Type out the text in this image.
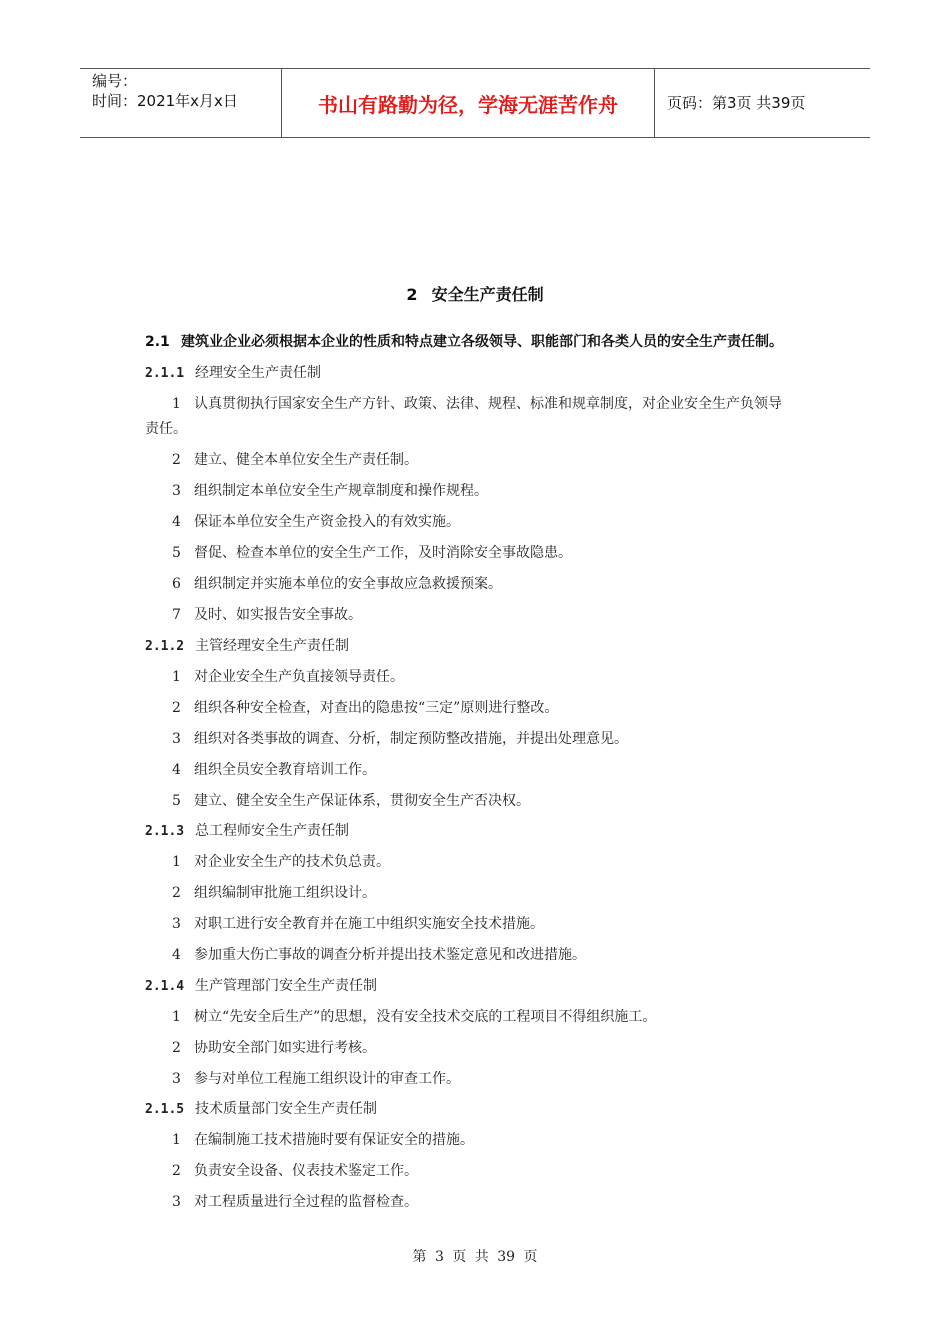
编号：
时间：2021年x月x日	书山有路勤为径，学海无涯苦作舟	页码：第3页 共39页
2 安全生产责任制
2.1 建筑业企业必须根据本企业的性质和特点建立各级领导、职能部门和各类人员的安全生产责任制。
2.1.1 经理安全生产责任制
1 认真贯彻执行国家安全生产方针、政策、法律、规程、标准和规章制度，对企业安全生产负领导
责任。
2 建立、健全本单位安全生产责任制。
3 组织制定本单位安全生产规章制度和操作规程。
4 保证本单位安全生产资金投入的有效实施。
5 督促、检查本单位的安全生产工作，及时消除安全事故隐患。
6 组织制定并实施本单位的安全事故应急救援预案。
7 及时、如实报告安全事故。
2.1.2 主管经理安全生产责任制
1 对企业安全生产负直接领导责任。
2 组织各种安全检查，对查出的隐患按“三定”原则进行整改。
3 组织对各类事故的调查、分析，制定预防整改措施，并提出处理意见。
4 组织全员安全教育培训工作。
5 建立、健全安全生产保证体系，贯彻安全生产否决权。
2.1.3 总工程师安全生产责任制
1 对企业安全生产的技术负总责。
2 组织编制审批施工组织设计。
3 对职工进行安全教育并在施工中组织实施安全技术措施。
4 参加重大伤亡事故的调查分析并提出技术鉴定意见和改进措施。
2.1.4 生产管理部门安全生产责任制
1 树立“先安全后生产”的思想，没有安全技术交底的工程项目不得组织施工。
2 协助安全部门如实进行考核。
3 参与对单位工程施工组织设计的审查工作。
2.1.5 技术质量部门安全生产责任制
1 在编制施工技术措施时要有保证安全的措施。
2 负责安全设备、仪表技术鉴定工作。
3 对工程质量进行全过程的监督检查。
第 3 页 共 39 页
